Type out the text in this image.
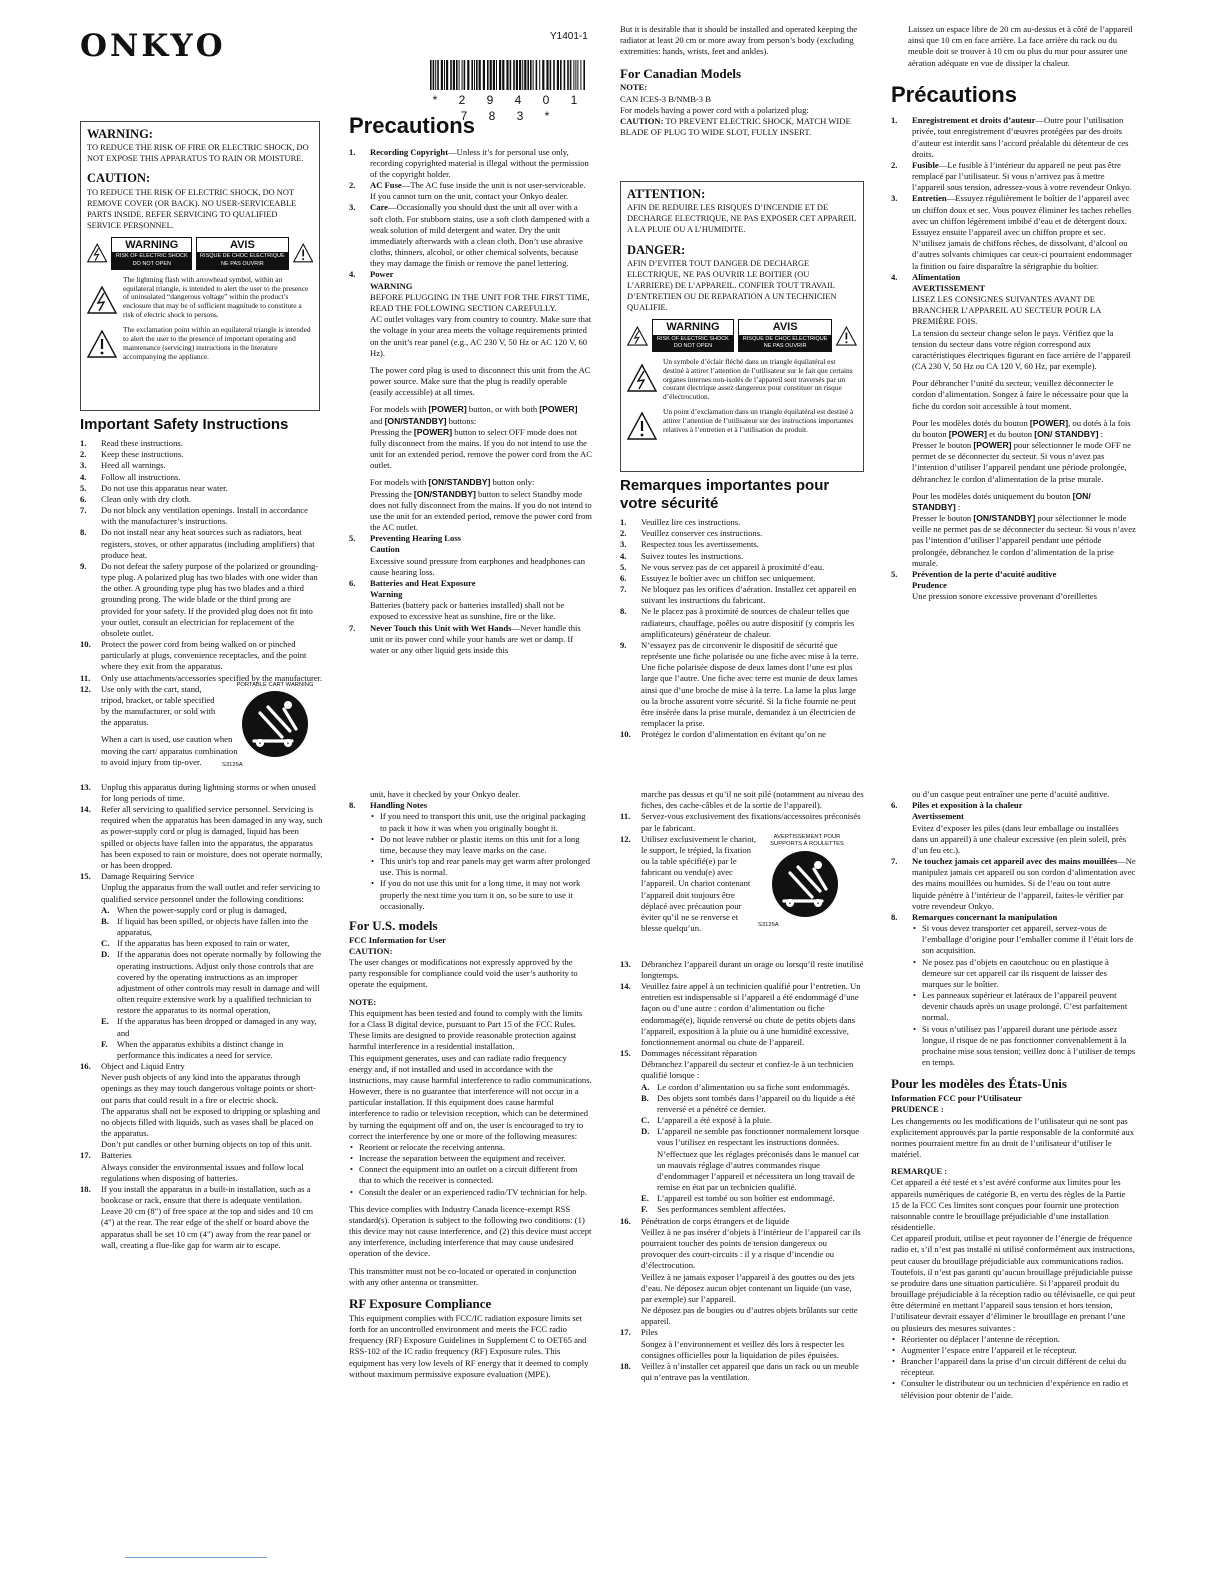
ONKYO	Y1401-1
* 2 9 4 0 1 7 8 3 *

WARNING:

TO REDUCE THE RISK OF FIRE OR ELECTRIC SHOCK, DO NOT EXPOSE THIS APPARATUS TO RAIN OR MOISTURE.

CAUTION:

TO REDUCE THE RISK OF ELECTRIC SHOCK, DO NOT REMOVE COVER (OR BACK). NO USER-SERVICEABLE PARTS INSIDE. REFER SERVICING TO QUALIFIED SERVICE PERSONNEL.

WARNING
RISK OF ELECTRIC SHOCK DO NOT OPEN
AVIS
RISQUE DE CHOC ELECTRIQUE NE PAS OUVRIR

The lightning flash with arrowhead symbol, within an equilateral triangle, is intended to alert the user to the presence of uninsulated “dangerous voltage” within the product’s enclosure that may be of sufficient magnitude to constitute a risk of electric shock to persons.

The exclamation point within an equilateral triangle is intended to alert the user to the presence of important operating and maintenance (servicing) instructions in the literature accompanying the appliance.

Important Safety Instructions

1. Read these instructions.
2. Keep these instructions.
3. Heed all warnings.
4. Follow all instructions.
5. Do not use this apparatus near water.
6. Clean only with dry cloth.
7. Do not block any ventilation openings. Install in accordance with the manufacturer’s instructions.
8. Do not install near any heat sources such as radiators, heat registers, stoves, or other apparatus (including amplifiers) that produce heat.
9. Do not defeat the safety purpose of the polarized or grounding-type plug. A polarized plug has two blades with one wider than the other. A grounding type plug has two blades and a third grounding prong. The wide blade or the third prong are provided for your safety. If the provided plug does not fit into your outlet, consult an electrician for replacement of the obsolete outlet.
10. Protect the power cord from being walked on or pinched particularly at plugs, convenience receptacles, and the point where they exit from the apparatus.
11. Only use attachments/accessories specified by the manufacturer.
12. Use only with the cart, stand, tripod, bracket, or table specified by the manufacturer, or sold with the apparatus.

When a cart is used, use caution when moving the cart/ apparatus combination to avoid injury from tip-over.

PORTABLE CART WARNING
S3125A
13. Unplug this apparatus during lightning storms or when unused for long periods of time.
14. Refer all servicing to qualified service personnel. Servicing is required when the apparatus has been damaged in any way, such as power-supply cord or plug is damaged, liquid has been spilled or objects have fallen into the apparatus, the apparatus has been exposed to rain or moisture, does not operate normally, or has been dropped.
15. Damage Requiring Service

Unplug the apparatus from the wall outlet and refer servicing to qualified service personnel under the following conditions:

A. When the power-supply cord or plug is damaged,
B. If liquid has been spilled, or objects have fallen into the apparatus,
C. If the apparatus has been exposed to rain or water,
D. If the apparatus does not operate normally by following the operating instructions. Adjust only those controls that are covered by the operating instructions as an improper adjustment of other controls may result in damage and will often require extensive work by a qualified technician to restore the apparatus to its normal operation,
E. If the apparatus has been dropped or damaged in any way, and
F. When the apparatus exhibits a distinct change in performance this indicates a need for service.
16. Object and Liquid Entry

Never push objects of any kind into the apparatus through openings as they may touch dangerous voltage points or short-out parts that could result in a fire or electric shock.

The apparatus shall not be exposed to dripping or splashing and no objects filled with liquids, such as vases shall be placed on the apparatus.

Don’t put candles or other burning objects on top of this unit.

17. Batteries

Always consider the environmental issues and follow local regulations when disposing of batteries.

18. If you install the apparatus in a built-in installation, such as a bookcase or rack, ensure that there is adequate ventilation.

Leave 20 cm (8") of free space at the top and sides and 10 cm (4") at the rear. The rear edge of the shelf or board above the apparatus shall be set 10 cm (4") away from the rear panel or wall, creating a flue-like gap for warm air to escape.

Precautions

1. Recording Copyright—Unless it’s for personal use only, recording copyrighted material is illegal without the permission of the copyright holder.
2. AC Fuse—The AC fuse inside the unit is not user-serviceable. If you cannot turn on the unit, contact your Onkyo dealer.
3. Care—Occasionally you should dust the unit all over with a soft cloth. For stubborn stains, use a soft cloth dampened with a weak solution of mild detergent and water. Dry the unit immediately afterwards with a clean cloth. Don’t use abrasive cloths, thinners, alcohol, or other chemical solvents, because they may damage the finish or remove the panel lettering.
4. Power

WARNING

BEFORE PLUGGING IN THE UNIT FOR THE FIRST TIME, READ THE FOLLOWING SECTION CAREFULLY.

AC outlet voltages vary from country to country. Make sure that the voltage in your area meets the voltage requirements printed on the unit’s rear panel (e.g., AC 230 V, 50 Hz or AC 120 V, 60 Hz).

The power cord plug is used to disconnect this unit from the AC power source. Make sure that the plug is readily operable (easily accessible) at all times.

For models with [POWER] button, or with both [POWER] and [ON/STANDBY] buttons:

Pressing the [POWER] button to select OFF mode does not fully disconnect from the mains. If you do not intend to use the unit for an extended period, remove the power cord from the AC outlet.

For models with [ON/STANDBY] button only:

Pressing the [ON/STANDBY] button to select Standby mode does not fully disconnect from the mains. If you do not intend to use the unit for an extended period, remove the power cord from the AC outlet.

5. Preventing Hearing Loss

Caution

Excessive sound pressure from earphones and headphones can cause hearing loss.

6. Batteries and Heat Exposure

Warning

Batteries (battery pack or batteries installed) shall not be exposed to excessive heat as sunshine, fire or the like.

7. Never Touch this Unit with Wet Hands—Never handle this unit or its power cord while your hands are wet or damp. If water or any other liquid gets inside this

unit, have it checked by your Onkyo dealer.

8. Handling Notes

• If you need to transport this unit, use the original packaging to pack it how it was when you originally bought it.
• Do not leave rubber or plastic items on this unit for a long time, because they may leave marks on the case.
• This unit’s top and rear panels may get warm after prolonged use. This is normal.
• If you do not use this unit for a long time, it may not work properly the next time you turn it on, so be sure to use it occasionally.

For U.S. models

FCC Information for User

CAUTION:

The user changes or modifications not expressly approved by the party responsible for compliance could void the user’s authority to operate the equipment.

NOTE:

This equipment has been tested and found to comply with the limits for a Class B digital device, pursuant to Part 15 of the FCC Rules. These limits are designed to provide reasonable protection against harmful interference in a residential installation.

This equipment generates, uses and can radiate radio frequency energy and, if not installed and used in accordance with the instructions, may cause harmful interference to radio communications. However, there is no guarantee that interference will not occur in a particular installation. If this equipment does cause harmful interference to radio or television reception, which can be determined by turning the equipment off and on, the user is encouraged to try to correct the interference by one or more of the following measures:

• Reorient or relocate the receiving antenna.
• Increase the separation between the equipment and receiver.
• Connect the equipment into an outlet on a circuit different from that to which the receiver is connected.
• Consult the dealer or an experienced radio/TV technician for help.

This device complies with Industry Canada licence-exempt RSS standard(s). Operation is subject to the following two conditions: (1) this device may not cause interference, and (2) this device must accept any interference, including interference that may cause undesired operation of the device.

This transmitter must not be co-located or operated in conjunction with any other antenna or transmitter.

RF Exposure Compliance

This equipment complies with FCC/IC radiation exposure limits set forth for an uncontrolled environment and meets the FCC radio frequency (RF) Exposure Guidelines in Supplement C to OET65 and RSS-102 of the IC radio frequency (RF) Exposure rules. This equipment has very low levels of RF energy that it deemed to comply without maximum permissive exposure evaluation (MPE).

But it is desirable that it should be installed and operated keeping the radiator at least 20 cm or more away from person’s body (excluding extremities: hands, wrists, feet and ankles).

For Canadian Models

NOTE:

CAN ICES-3 B/NMB-3 B

For models having a power cord with a polarized plug:

CAUTION: TO PREVENT ELECTRIC SHOCK, MATCH WIDE BLADE OF PLUG TO WIDE SLOT, FULLY INSERT.

ATTENTION:

AFIN DE REDUIRE LES RISQUES D’INCENDIE ET DE DECHARGE ELECTRIQUE, NE PAS EXPOSER CET APPAREIL A LA PLUIE OU A L’HUMIDITE.

DANGER:

AFIN D’EVITER TOUT DANGER DE DECHARGE ELECTRIQUE, NE PAS OUVRIR LE BOITIER (OU L’ARRIERE) DE L’APPAREIL. CONFIER TOUT TRAVAIL D’ENTRETIEN OU DE REPARATION A UN TECHNICIEN QUALIFIE.

WARNING
RISK OF ELECTRIC SHOCK DO NOT OPEN
AVIS
RISQUE DE CHOC ELECTRIQUE NE PAS OUVRIR

Un symbole d’éclair fléché dans un triangle équilatéral est destiné à attirer l’attention de l’utilisateur sur le fait que certains organes internes non-isolés de l’appareil sont traversés par un courant électrique assez dangereux pour constituer un risque d’électrocution.

Un point d’exclamation dans un triangle équilatéral est destiné à attirer l’attention de l’utilisateur sur des instructions importantes relatives à l’entretien et à l’utilisation du produit.

Remarques importantes pour votre sécurité

1. Veuillez lire ces instructions.
2. Veuillez conserver ces instructions.
3. Respectez tous les avertissements.
4. Suivez toutes les instructions.
5. Ne vous servez pas de cet appareil à proximité d’eau.
6. Essuyez le boîtier avec un chiffon sec uniquement.
7. Ne bloquez pas les orifices d’aération. Installez cet appareil en suivant les instructions du fabricant.
8. Ne le placez pas à proximité de sources de chaleur telles que radiateurs, chauffage, poêles ou autre dispositif (y compris les amplificateurs) générateur de chaleur.
9. N’essayez pas de circonvenir le dispositif de sécurité que représente une fiche polarisée ou une fiche avec mise à la terre. Une fiche polarisée dispose de deux lames dont l’une est plus large que l’autre. Une fiche avec terre est munie de deux lames ainsi que d’une broche de mise à la terre. La lame la plus large ou la broche assurent votre sécurité. Si la fiche fournie ne peut être insérée dans la prise murale, demandez à un électricien de remplacer la prise.
10. Protégez le cordon d’alimentation en évitant qu’on ne

marche pas dessus et qu’il ne soit pilé (notamment au niveau des fiches, des cache-câbles et de la sortie de l’appareil).

11. Servez-vous exclusivement des fixations/accessoires préconisés par le fabricant.

12. Utilisez exclusivement le chariot, le support, le trépied, la fixation ou la table spécifié(e) par le fabricant ou vendu(e) avec l’appareil. Un chariot contenant l’appareil doit toujours être déplacé avec précaution pour éviter qu’il ne se renverse et blesse quelqu’un.

AVERTISSEMENT POUR SUPPORTS À ROULETTES
S3125A
13. Débranchez l’appareil durant un orage ou lorsqu’il reste inutilisé longtemps.

14. Veuillez faire appel à un technicien qualifié pour l’entretien. Un entretien est indispensable si l’appareil a été endommagé d’une façon ou d’une autre : cordon d’alimentation ou fiche endommagé(e), liquide renversé ou chute de petits objets dans l’appareil, exposition à la pluie ou à une humidité excessive, fonctionnement anormal ou chute de l’appareil.

15. Dommages nécessitant réparation

Débranchez l’appareil du secteur et confiez-le à un technicien qualifié lorsque :

A. Le cordon d’alimentation ou sa fiche sont endommagés.
B. Des objets sont tombés dans l’appareil ou du liquide a été renversé et a pénétré ce dernier.
C. L’appareil a été exposé à la pluie.
D. L’appareil ne semble pas fonctionner normalement lorsque vous l’utilisez en respectant les instructions données. N’effectuez que les réglages préconisés dans le manuel car un mauvais réglage d’autres commandes risque d’endommager l’appareil et nécessitera un long travail de remise en état par un technicien qualifié.
E. L’appareil est tombé ou son boîtier est endommagé.
F. Ses performances semblent affectées.
16. Pénétration de corps étrangers et de liquide

Veillez à ne pas insérer d’objets à l’intérieur de l’appareil car ils pourraient toucher des points de tension dangereux ou provoquer des court-circuits : il y a risque d’incendie ou d’électrocution.

Veillez à ne jamais exposer l’appareil à des gouttes ou des jets d’eau. Ne déposez aucun objet contenant un liquide (un vase, par exemple) sur l’appareil.

Ne déposez pas de bougies ou d’autres objets brûlants sur cette appareil.

17. Piles

Songez à l’environnement et veillez dès lors à respecter les consignes officielles pour la liquidation de piles épuisées.

18. Veillez à n’installer cet appareil que dans un rack ou un meuble qui n’entrave pas la ventilation.

Laissez un espace libre de 20 cm au-dessus et à côté de l’appareil ainsi que 10 cm en face arrière. La face arrière du rack ou du meuble doit se trouver à 10 cm ou plus du mur pour assurer une aération adéquate en vue de dissiper la chaleur.

Précautions

1. Enregistrement et droits d’auteur—Outre pour l’utilisation privée, tout enregistrement d’œuvres protégées par des droits d’auteur est interdit sans l’accord préalable du détenteur de ces droits.
2. Fusible—Le fusible à l’intérieur du appareil ne peut pas être remplacé par l’utilisateur. Si vous n’arrivez pas à mettre l’appareil sous tension, adressez-vous à votre revendeur Onkyo.
3. Entretien—Essuyez régulièrement le boîtier de l’appareil avec un chiffon doux et sec. Vous pouvez éliminer les taches rebelles avec un chiffon légèrement imbibé d’eau et de détergent doux. Essuyez ensuite l’appareil avec un chiffon propre et sec. N’utilisez jamais de chiffons rêches, de dissolvant, d’alcool ou d’autres solvants chimiques car ceux-ci pourraient endommager la finition ou faire disparaître la sérigraphie du boîtier.
4. Alimentation

AVERTISSEMENT

LISEZ LES CONSIGNES SUIVANTES AVANT DE BRANCHER L’APPAREIL AU SECTEUR POUR LA PREMIÈRE FOIS.

La tension du secteur change selon le pays. Vérifiez que la tension du secteur dans votre région correspond aux caractéristiques électriques figurant en face arrière de l’appareil (CA 230 V, 50 Hz ou CA 120 V, 60 Hz, par exemple).

Pour débrancher l’unité du secteur, veuillez déconnecter le cordon d’alimentation. Songez à faire le nécessaire pour que la fiche du cordon soit accessible à tout moment.

Pour les modèles dotés du bouton [POWER], ou dotés à la fois du bouton [POWER] et du bouton [ON/ STANDBY] :

Presser le bouton [POWER] pour sélectionner le mode OFF ne permet de se déconnecter du secteur. Si vous n’avez pas l’intention d’utiliser l’appareil pendant une période prolongée, débranchez le cordon d’alimentation de la prise murale.

Pour les modèles dotés uniquement du bouton [ON/ STANDBY] :

Presser le bouton [ON/STANDBY] pour sélectionner le mode veille ne permet pas de se déconnecter du secteur. Si vous n’avez pas l’intention d’utiliser l’appareil pendant une période prolongée, débranchez le cordon d’alimentation de la prise murale.

5. Prévention de la perte d’acuité auditive

Prudence

Une pression sonore excessive provenant d’oreillettes

ou d’un casque peut entraîner une perte d’acuité auditive.

6. Piles et exposition à la chaleur

Avertissement

Evitez d’exposer les piles (dans leur emballage ou installées dans un appareil) à une chaleur excessive (en plein soleil, près d’un feu etc.).

7. Ne touchez jamais cet appareil avec des mains mouillées—Ne manipulez jamais cet appareil ou son cordon d’alimentation avec des mains mouillées ou humides. Si de l’eau ou tout autre liquide pénètre à l’intérieur de l’appareil, faites-le vérifier par votre revendeur Onkyo.
8. Remarques concernant la manipulation

• Si vous devez transporter cet appareil, servez-vous de l’emballage d’origine pour l’emballer comme il l’était lors de son acquisition.
• Ne posez pas d’objets en caoutchouc ou en plastique à demeure sur cet appareil car ils risquent de laisser des marques sur le boîtier.
• Les panneaux supérieur et latéraux de l’appareil peuvent devenir chauds après un usage prolongé. C’est parfaitement normal.
• Si vous n’utilisez pas l’appareil durant une période assez longue, il risque de ne pas fonctionner convenablement à la prochaine mise sous tension; veillez donc à l’utiliser de temps en temps.

Pour les modèles des États-Unis

Information FCC pour l’Utilisateur

PRUDENCE :

Les changements ou les modifications de l’utilisateur qui ne sont pas explicitement approuvés par la partie responsable de la conformité aux normes pourraient mettre fin au droit de l’utilisateur d’utiliser le matériel.

REMARQUE :

Cet appareil a été testé et s’est avéré conforme aux limites pour les appareils numériques de catégorie B, en vertu des règles de la Partie 15 de la FCC Ces limites sont conçues pour fournir une protection raisonnable contre le brouillage préjudiciable d’une installation résidentielle.

Cet appareil produit, utilise et peut rayonner de l’énergie de fréquence radio et, s’il n’est pas installé ni utilisé conformément aux instructions, peut causer du brouillage préjudiciable aux communications radios. Toutefois, il n’est pas garanti qu’aucun brouillage préjudiciable puisse se produire dans une situation particulière. Si l’appareil produit du brouillage préjudiciable à la réception radio ou télévisuelle, ce qui peut être déterminé en mettant l’appareil sous tension et hors tension, l’utilisateur devrait essayer d’éliminer le brouillage en prenant l’une ou plusieurs des mesures suivantes :

• Réorienter ou déplacer l’antenne de réception.
• Augmenter l’espace entre l’appareil et le récepteur.
• Brancher l’appareil dans la prise d’un circuit différent de celui du récepteur.
• Consulter le distributeur ou un technicien d’expérience en radio et télévision pour obtenir de l’aide.
